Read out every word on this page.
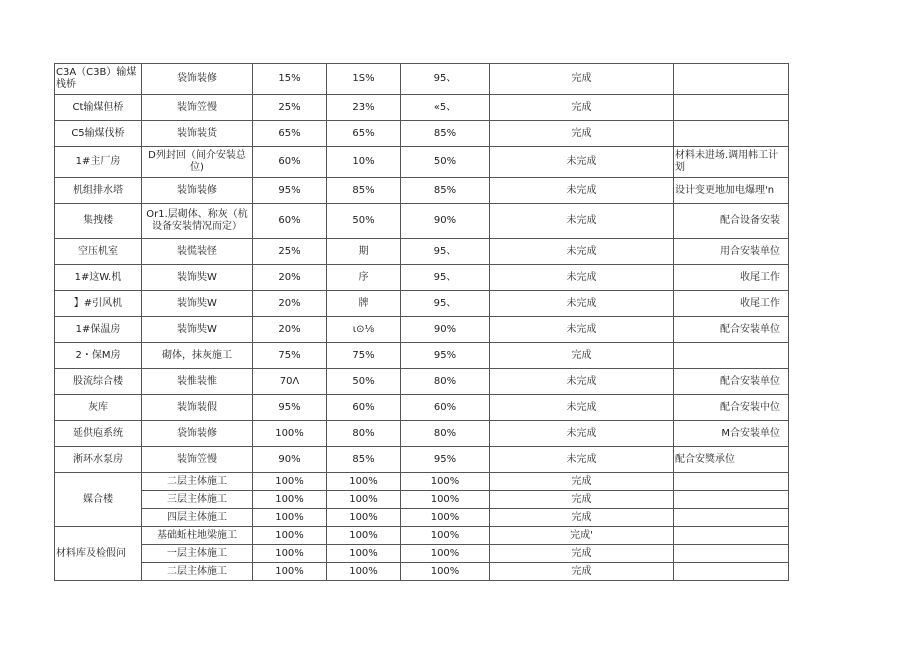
C3A（C3B）输煤栈桥	袋饰装修	15%	1S%	95、	完成	
Ct输煤但桥	装饰笠慢	25%	23%	«5、	完成	
C5输煤伐桥	装饰装货	65%	65%	85%	完成	
1#主厂房	D列封回（间介安装总位)	60%	10%	50%	未完成	材料未进场.调用帏工计划
机组排水塔	装饰装修	95%	85%	85%	未完成	设计变更地加电爆理'n
集拽楼	Or1.层砌体、称灰（杭设备安装情况而定）	60%	50%	90%	未完成	配合设备安装
空压机室	装慌装怪	25%	期	95、	未完成	用合安装单位
1#这W.机	装饰奘W	20%	序	95、	未完成	收尾工作
】#引风机	装饰奘W	20%	牌	95、	未完成	收尾工作
1#保温房	装饰奘W	20%	ι⊙⅛	90%	未完成	配合安装单位
2・保M房	砌体，抹灰施工	75%	75%	95%	完成	
股流综合楼	装惟装惟	70Λ	50%	80%	未完成	配合安装单位
灰库	装饰装假	95%	60%	60%	未完成	配合安装中位
延供庖系统	袋饰装修	100%	80%	80%	未完成	M合安装单位
淅环水泵房	装饰笠慢	90%	85%	95%	未完成	配合安獎承位
媒合楼	二层主体施工	100%	100%	100%	完成	
	三层主体施工	100%	100%	100%	完成	
	四层主体施工	100%	100%	100%	完成	
材料库及检假问	基础蚯柱地梁施工	100%	100%	100%	完成'	
	一层主体施工	100%	100%	100%	完成	
	二层主体施工	100%	100%	100%	完成	
